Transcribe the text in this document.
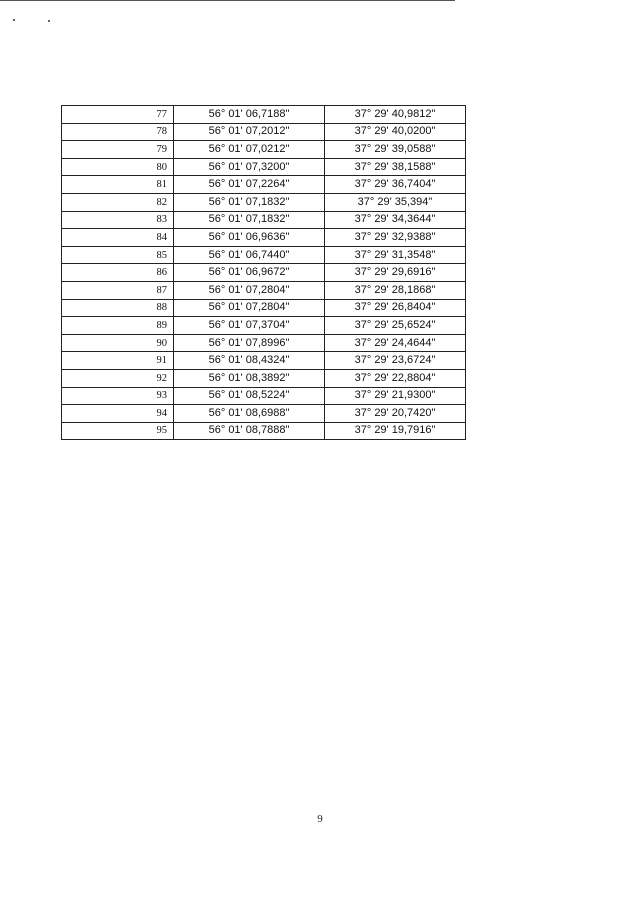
77	56° 01' 06,7188"	37° 29' 40,9812"
78	56° 01' 07,2012"	37° 29' 40,0200"
79	56° 01' 07,0212"	37° 29' 39,0588"
80	56° 01' 07,3200"	37° 29' 38,1588"
81	56° 01' 07,2264"	37° 29' 36,7404"
82	56° 01' 07,1832"	37° 29' 35,394"
83	56° 01' 07,1832"	37° 29' 34,3644"
84	56° 01' 06,9636"	37° 29' 32,9388"
85	56° 01' 06,7440"	37° 29' 31,3548"
86	56° 01' 06,9672"	37° 29' 29,6916"
87	56° 01' 07,2804"	37° 29' 28,1868"
88	56° 01' 07,2804"	37° 29' 26,8404"
89	56° 01' 07,3704"	37° 29' 25,6524"
90	56° 01' 07,8996"	37° 29' 24,4644"
91	56° 01' 08,4324"	37° 29' 23,6724"
92	56° 01' 08,3892"	37° 29' 22,8804"
93	56° 01' 08,5224"	37° 29' 21,9300"
94	56° 01' 08,6988"	37° 29' 20,7420"
95	56° 01' 08,7888"	37° 29' 19,7916"
9
